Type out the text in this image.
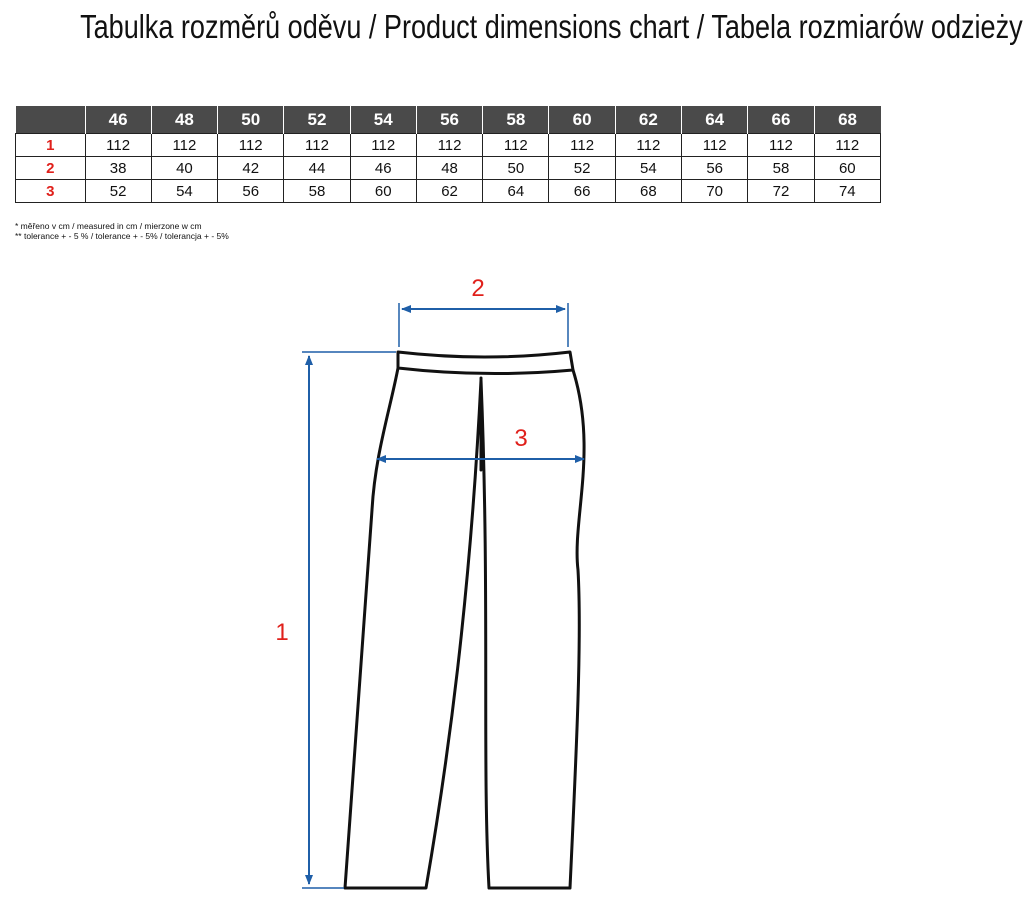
Tabulka rozměrů oděvu / Product dimensions chart / Tabela rozmiarów odzieży
	46	48	50	52	54	56	58	60	62	64	66	68
1	112	112	112	112	112	112	112	112	112	112	112	112
2	38	40	42	44	46	48	50	52	54	56	58	60
3	52	54	56	58	60	62	64	66	68	70	72	74
* měřeno v cm / measured in cm / mierzone w cm
** tolerance + - 5 % / tolerance + - 5% / tolerancja + - 5%
2
3
1
